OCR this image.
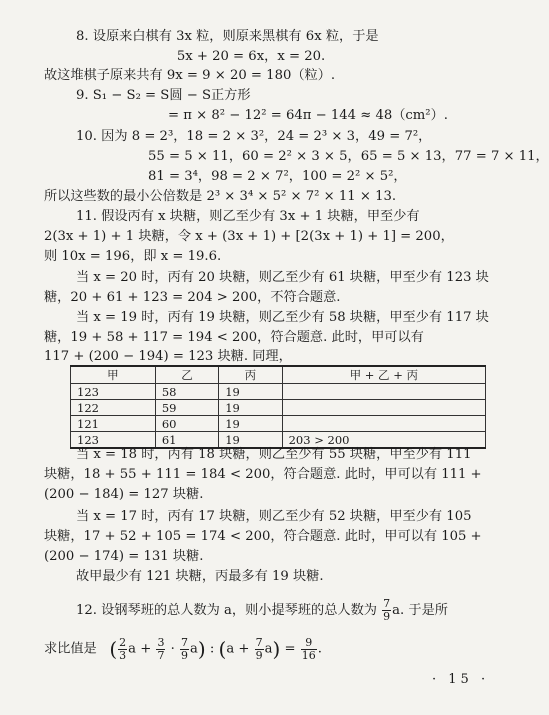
8. 设原来白棋有 3x 粒，则原来黑棋有 6x 粒，于是
5x + 20 = 6x，x = 20.
故这堆棋子原来共有 9x = 9 × 20 = 180（粒）.
9. S₁ − S₂ = S圆 − S正方形
= π × 8² − 12² = 64π − 144 ≈ 48（cm²）.
10. 因为 8 = 2³，18 = 2 × 3²，24 = 2³ × 3，49 = 7²，
55 = 5 × 11，60 = 2² × 3 × 5，65 = 5 × 13，77 = 7 × 11，
81 = 3⁴，98 = 2 × 7²，100 = 2² × 5²，
所以这些数的最小公倍数是 2³ × 3⁴ × 5² × 7² × 11 × 13.
11. 假设丙有 x 块糖，则乙至少有 3x + 1 块糖，甲至少有
2(3x + 1) + 1 块糖，令 x + (3x + 1) + [2(3x + 1) + 1] = 200，
则 10x = 196，即 x = 19.6.
当 x = 20 时，丙有 20 块糖，则乙至少有 61 块糖，甲至少有 123 块
糖，20 + 61 + 123 = 204 > 200，不符合题意.
当 x = 19 时，丙有 19 块糖，则乙至少有 58 块糖，甲至少有 117 块
糖，19 + 58 + 117 = 194 < 200，符合题意. 此时，甲可以有
117 + (200 − 194) = 123 块糖. 同理，
甲	乙	丙	甲 + 乙 + 丙
123	58	19	
122	59	19	
121	60	19	
123	61	19	203 > 200
当 x = 18 时，丙有 18 块糖，则乙至少有 55 块糖，甲至少有 111
块糖，18 + 55 + 111 = 184 < 200，符合题意. 此时，甲可以有 111 +
(200 − 184) = 127 块糖.
当 x = 17 时，丙有 17 块糖，则乙至少有 52 块糖，甲至少有 105
块糖，17 + 52 + 105 = 174 < 200，符合题意. 此时，甲可以有 105 +
(200 − 174) = 131 块糖.
故甲最少有 121 块糖，丙最多有 19 块糖.
12. 设钢琴班的总人数为 a，则小提琴班的总人数为 $\frac{7}{9} a$. 于是所
求比值是 ( $\frac{2}{3}$ $a + \frac{3}{7} \cdot \frac{7}{9} a$) : $(a + \frac{7}{9} a) = \frac{9}{16}$ .
· 15 ·
